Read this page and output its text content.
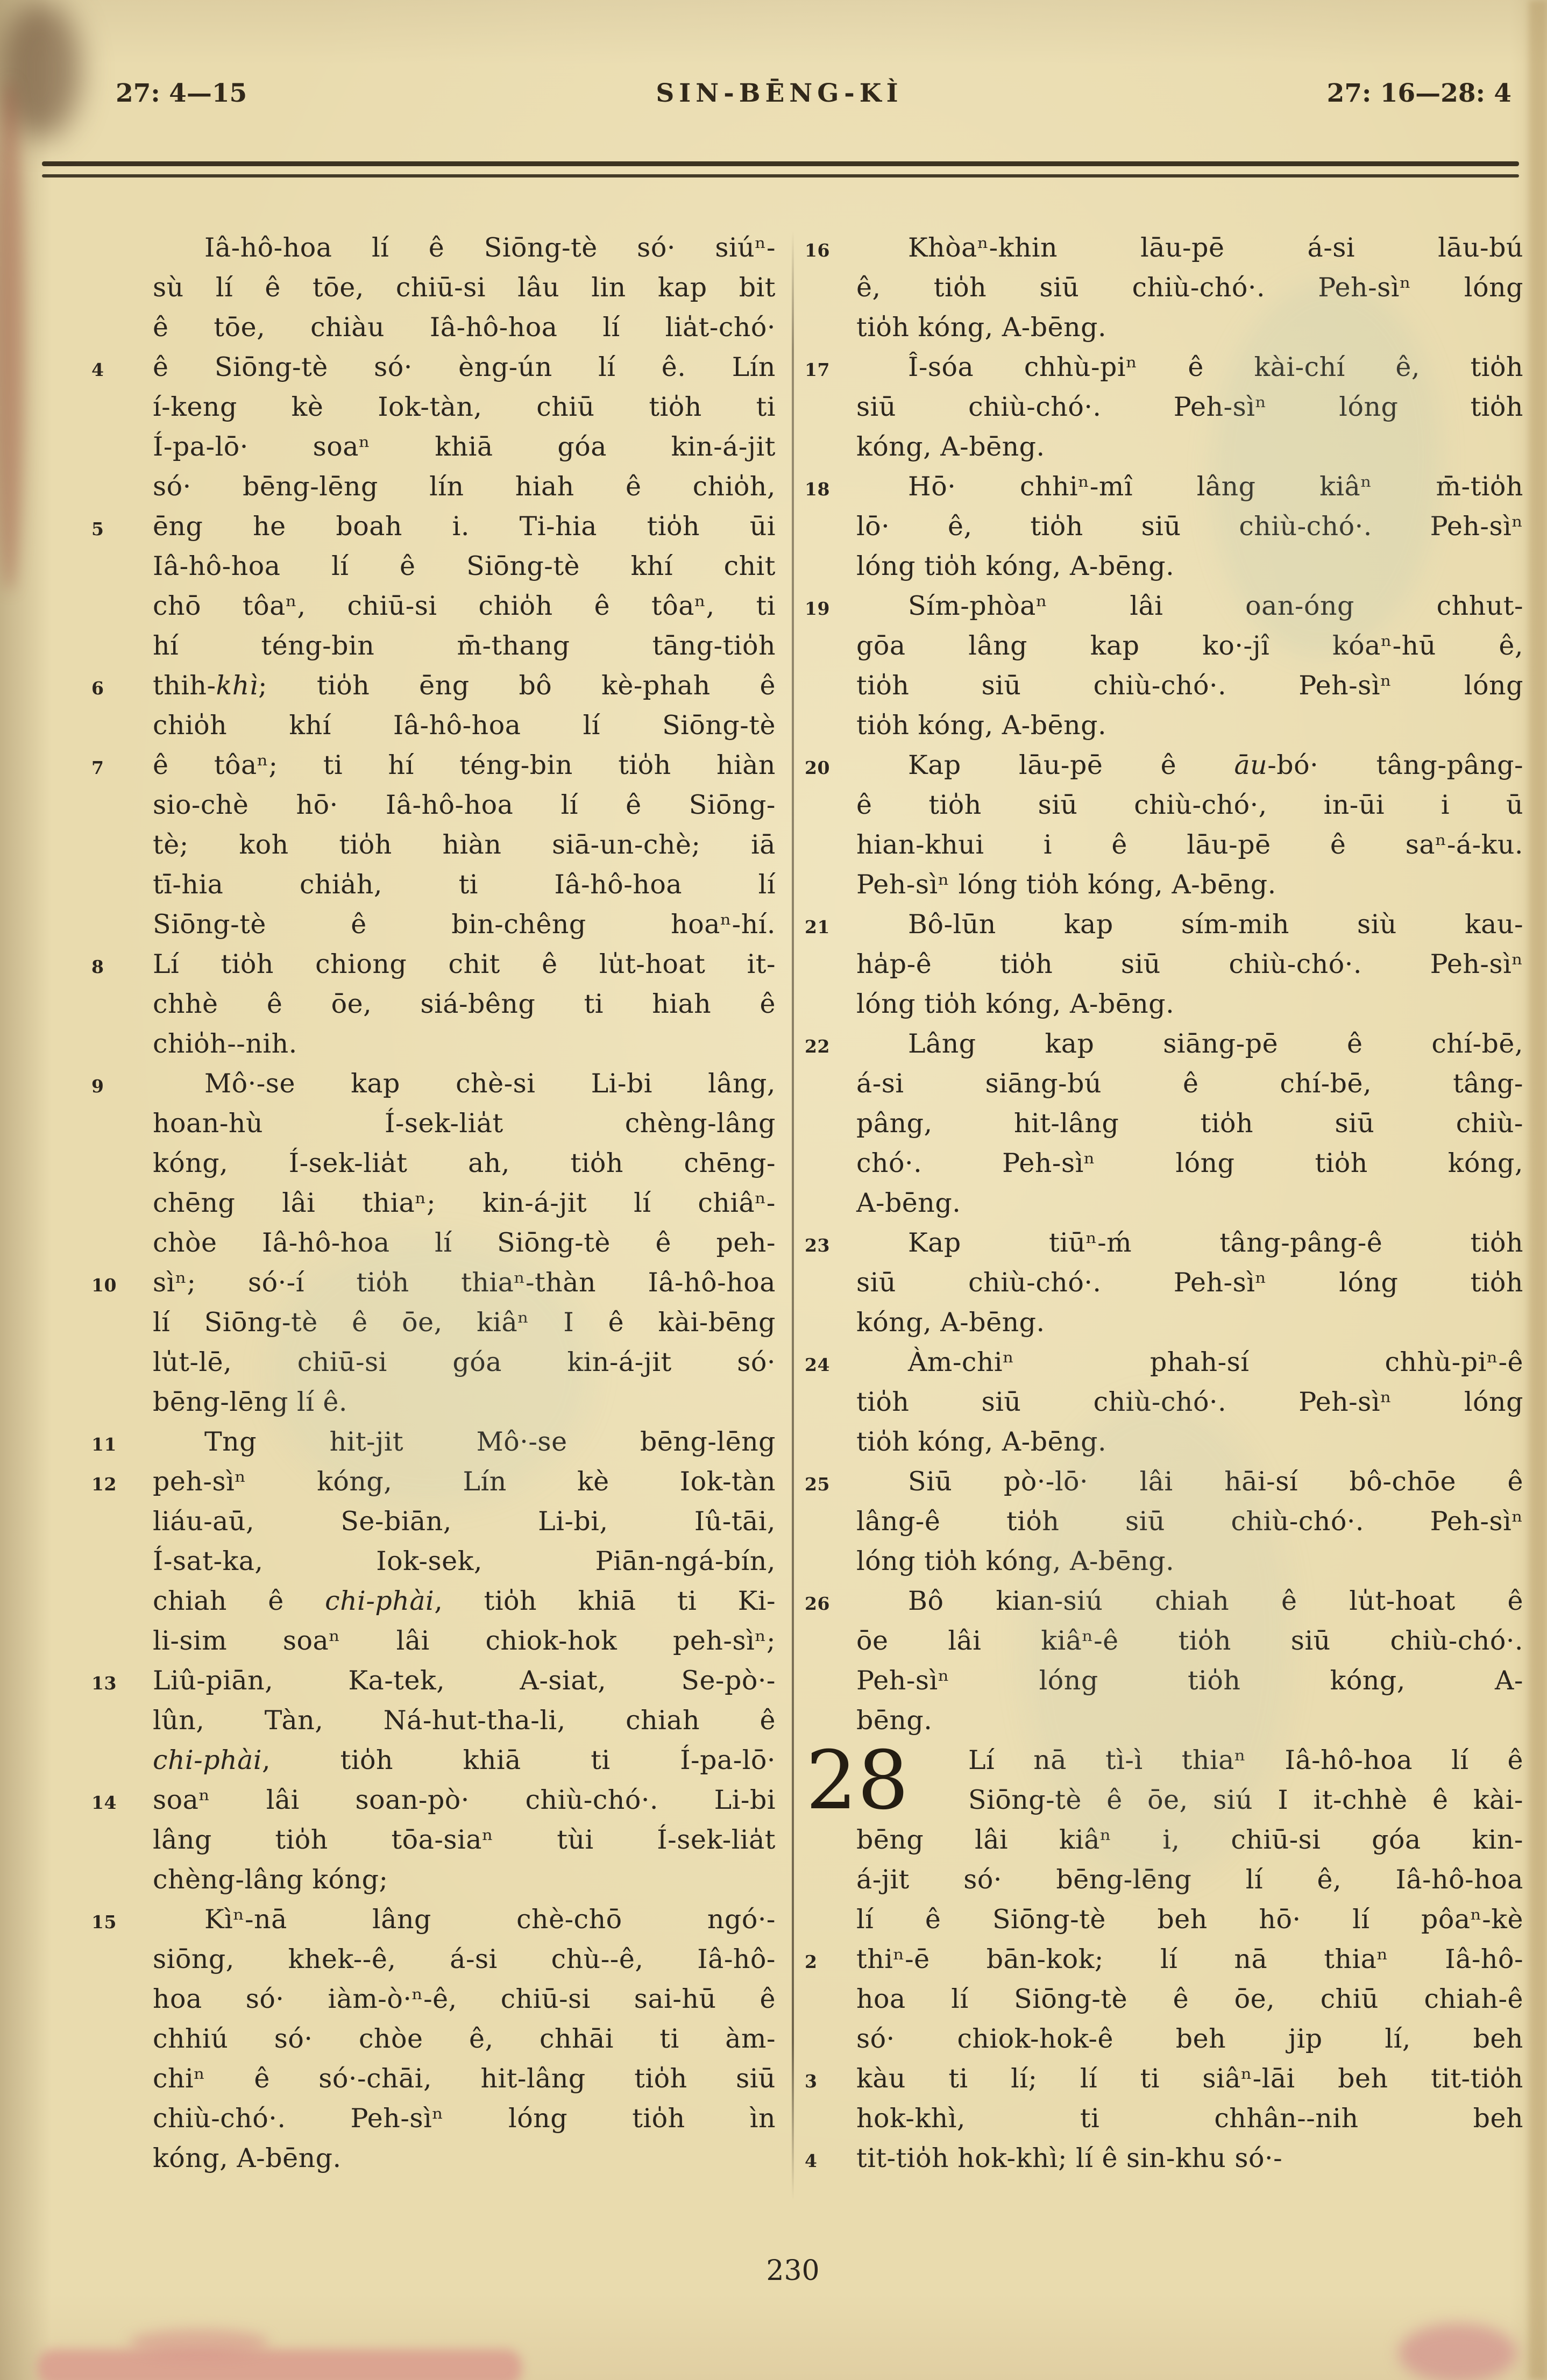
27: 4—15	SIN-BĒNG-KÌ	27: 16—28: 4
Iâ-hô-hoa lí ê Siōng-tè só· siúⁿ-
sù lí ê tōe, chiū-si lâu lin kap bit
ê tōe, chiàu Iâ-hô-hoa lí lia̍t-chó·
4 ê Siōng-tè só· èng-ún lí ê. Lín
í-keng kè Iok-tàn, chiū tio̍h ti
Í-pa-lō· soaⁿ khiā góa kin-á-jit
só· bēng-lēng lín hiah ê chio̍h,
5 ēng he boah i. Ti-hia tio̍h ūi
Iâ-hô-hoa lí ê Siōng-tè khí chit
chō tôaⁿ, chiū-si chio̍h ê tôaⁿ, ti
hí téng-bin m̄-thang tāng-tio̍h
6 thih-khì; tio̍h ēng bô kè-phah ê
chio̍h khí Iâ-hô-hoa lí Siōng-tè
7 ê tôaⁿ; ti hí téng-bin tio̍h hiàn
sio-chè hō· Iâ-hô-hoa lí ê Siōng-
tè; koh tio̍h hiàn siā-un-chè; iā
tī-hia chia̍h, ti Iâ-hô-hoa lí
Siōng-tè ê bin-chêng hoaⁿ-hí.
8 Lí tio̍h chiong chit ê lu̍t-hoat it-
chhè ê ōe, siá-bêng ti hiah ê
chio̍h--nih.
9	Mô·-se kap chè-si Li-bi lâng,
hoan-hù Í-sek-lia̍t chèng-lâng
kóng, Í-sek-lia̍t ah, tio̍h chēng-
chēng lâi thiaⁿ; kin-á-jit lí chiâⁿ-
chòe Iâ-hô-hoa lí Siōng-tè ê peh-
10 sìⁿ; só·-í tio̍h thiaⁿ-thàn Iâ-hô-hoa
lí Siōng-tè ê ōe, kiâⁿ I ê kài-bēng
lu̍t-lē, chiū-si góa kin-á-jit só·
bēng-lēng lí ê.
11	Tng hit-jit Mô·-se bēng-lēng
12 peh-sìⁿ kóng, Lín kè Iok-tàn
liáu-aū, Se-biān, Li-bi, Iû-tāi,
Í-sat-ka, Iok-sek, Piān-ngá-bín,
chiah ê chi-phài, tio̍h khiā ti Ki-
li-sim soaⁿ lâi chiok-hok peh-sìⁿ;
13 Liû-piān, Ka-tek, A-siat, Se-pò·-
lûn, Tàn, Ná-hut-tha-li, chiah ê
chi-phài, tio̍h khiā ti Í-pa-lō·
14 soaⁿ lâi soan-pò· chiù-chó·. Li-bi
lâng tio̍h tōa-siaⁿ tùi Í-sek-lia̍t
chèng-lâng kóng;
15	Kìⁿ-nā lâng chè-chō ngó·-
siōng, khek--ê, á-si chù--ê, Iâ-hô-
hoa só· iàm-ò·ⁿ-ê, chiū-si sai-hū ê
chhiú só· chòe ê, chhāi ti àm-
chiⁿ ê só·-chāi, hit-lâng tio̍h siū
chiù-chó·. Peh-sìⁿ lóng tio̍h ìn
kóng, A-bēng.
16	Khòaⁿ-khin lāu-pē á-si lāu-bú
ê, tio̍h siū chiù-chó·. Peh-sìⁿ lóng
tio̍h kóng, A-bēng.
17	Î-sóa chhù-piⁿ ê kài-chí ê, tio̍h
siū chiù-chó·. Peh-sìⁿ lóng tio̍h
kóng, A-bēng.
18	Hō· chhiⁿ-mî lâng kiâⁿ m̄-tio̍h
lō· ê, tio̍h siū chiù-chó·. Peh-sìⁿ
lóng tio̍h kóng, A-bēng.
19	Sím-phòaⁿ lâi oan-óng chhut-
gōa lâng kap ko·-jî kóaⁿ-hū ê,
tio̍h siū chiù-chó·. Peh-sìⁿ lóng
tio̍h kóng, A-bēng.
20	Kap lāu-pē ê āu-bó· tâng-pâng-
ê tio̍h siū chiù-chó·, in-ūi i ū
hian-khui i ê lāu-pē ê saⁿ-á-ku.
Peh-sìⁿ lóng tio̍h kóng, A-bēng.
21	Bô-lūn kap sím-mih siù kau-
ha̍p-ê tio̍h siū chiù-chó·. Peh-sìⁿ
lóng tio̍h kóng, A-bēng.
22	Lâng kap siāng-pē ê chí-bē,
á-si siāng-bú ê chí-bē, tâng-
pâng, hit-lâng tio̍h siū chiù-
chó·. Peh-sìⁿ lóng tio̍h kóng,
A-bēng.
23	Kap tiūⁿ-ḿ tâng-pâng-ê tio̍h
siū chiù-chó·. Peh-sìⁿ lóng tio̍h
kóng, A-bēng.
24	Àm-chiⁿ phah-sí chhù-piⁿ-ê
tio̍h siū chiù-chó·. Peh-sìⁿ lóng
tio̍h kóng, A-bēng.
25	Siū pò·-lō· lâi hāi-sí bô-chōe ê
lâng-ê tio̍h siū chiù-chó·. Peh-sìⁿ
lóng tio̍h kóng, A-bēng.
26	Bô kian-siú chiah ê lu̍t-hoat ê
ōe lâi kiâⁿ-ê tio̍h siū chiù-chó·.
Peh-sìⁿ lóng tio̍h kóng, A-
bēng.
28 Lí nā tì-ì thiaⁿ Iâ-hô-hoa lí ê
Siōng-tè ê ōe, siú I it-chhè ê kài-
bēng lâi kiâⁿ i, chiū-si góa kin-
á-jit só· bēng-lēng lí ê, Iâ-hô-hoa
lí ê Siōng-tè beh hō· lí pôaⁿ-kè
2 thiⁿ-ē bān-kok; lí nā thiaⁿ Iâ-hô-
hoa lí Siōng-tè ê ōe, chiū chiah-ê
só· chiok-hok-ê beh jip lí, beh
3 kàu ti lí; lí ti siâⁿ-lāi beh tit-tio̍h
hok-khì, ti chhân--nih beh
4 tit-tio̍h hok-khì; lí ê sin-khu só·-
230
